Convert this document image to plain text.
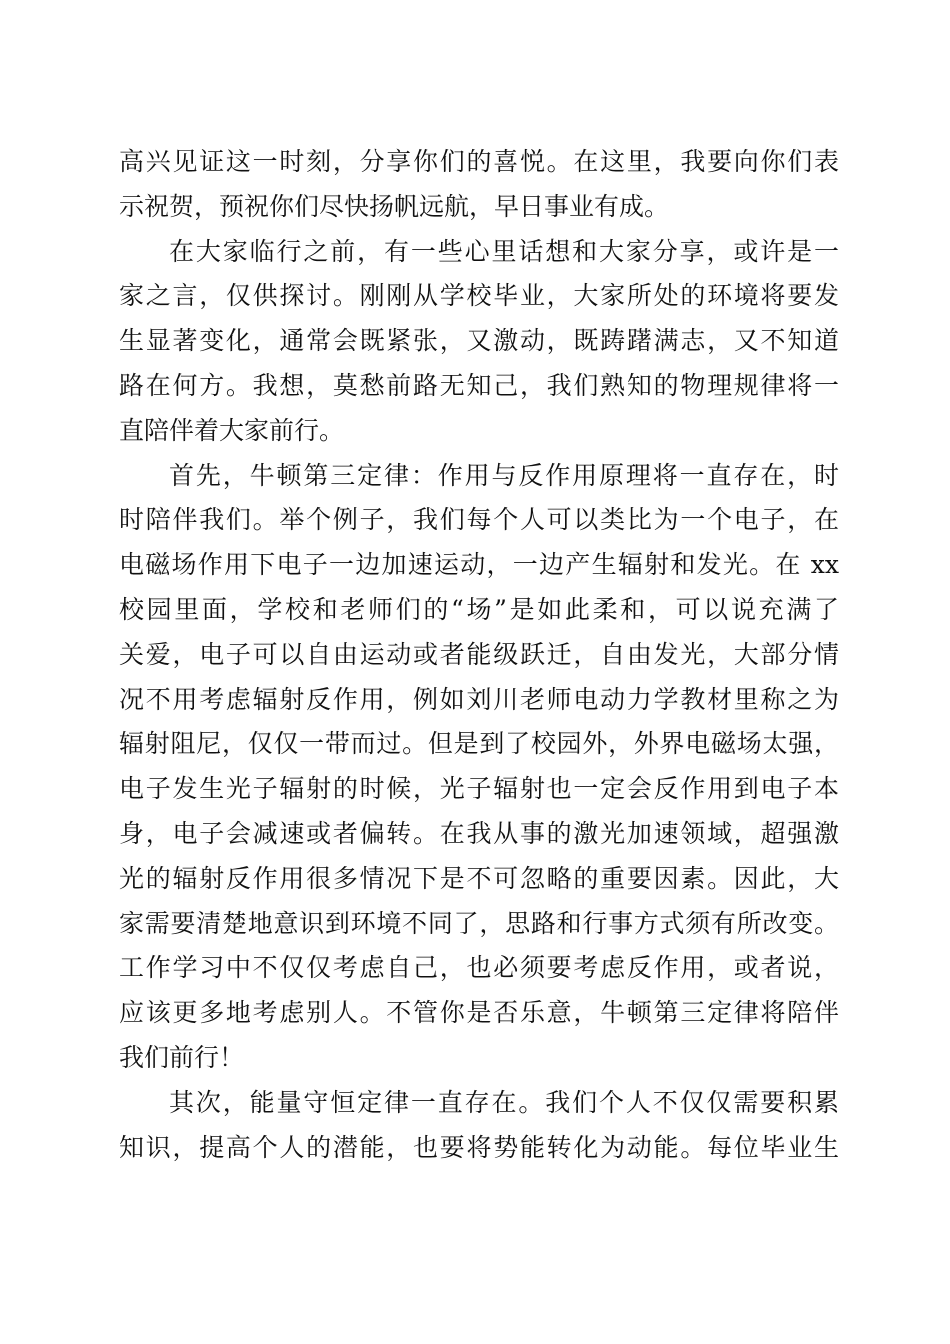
高兴见证这一时刻，分享你们的喜悦。在这里，我要向你们表
示祝贺，预祝你们尽快扬帆远航，早日事业有成。
在大家临行之前，有一些心里话想和大家分享，或许是一
家之言，仅供探讨。刚刚从学校毕业，大家所处的环境将要发
生显著变化，通常会既紧张，又激动，既踌躇满志，又不知道
路在何方。我想，莫愁前路无知己，我们熟知的物理规律将一
直陪伴着大家前行。
首先，牛顿第三定律：作用与反作用原理将一直存在，时
时陪伴我们。举个例子，我们每个人可以类比为一个电子，在
电磁场作用下电子一边加速运动，一边产生辐射和发光。在 xx
校园里面，学校和老师们的“场”是如此柔和，可以说充满了
关爱，电子可以自由运动或者能级跃迁，自由发光，大部分情
况不用考虑辐射反作用，例如刘川老师电动力学教材里称之为
辐射阻尼，仅仅一带而过。但是到了校园外，外界电磁场太强，
电子发生光子辐射的时候，光子辐射也一定会反作用到电子本
身，电子会减速或者偏转。在我从事的激光加速领域，超强激
光的辐射反作用很多情况下是不可忽略的重要因素。因此，大
家需要清楚地意识到环境不同了，思路和行事方式须有所改变。
工作学习中不仅仅考虑自己，也必须要考虑反作用，或者说，
应该更多地考虑别人。不管你是否乐意，牛顿第三定律将陪伴
我们前行！
其次，能量守恒定律一直存在。我们个人不仅仅需要积累
知识，提高个人的潜能，也要将势能转化为动能。每位毕业生
